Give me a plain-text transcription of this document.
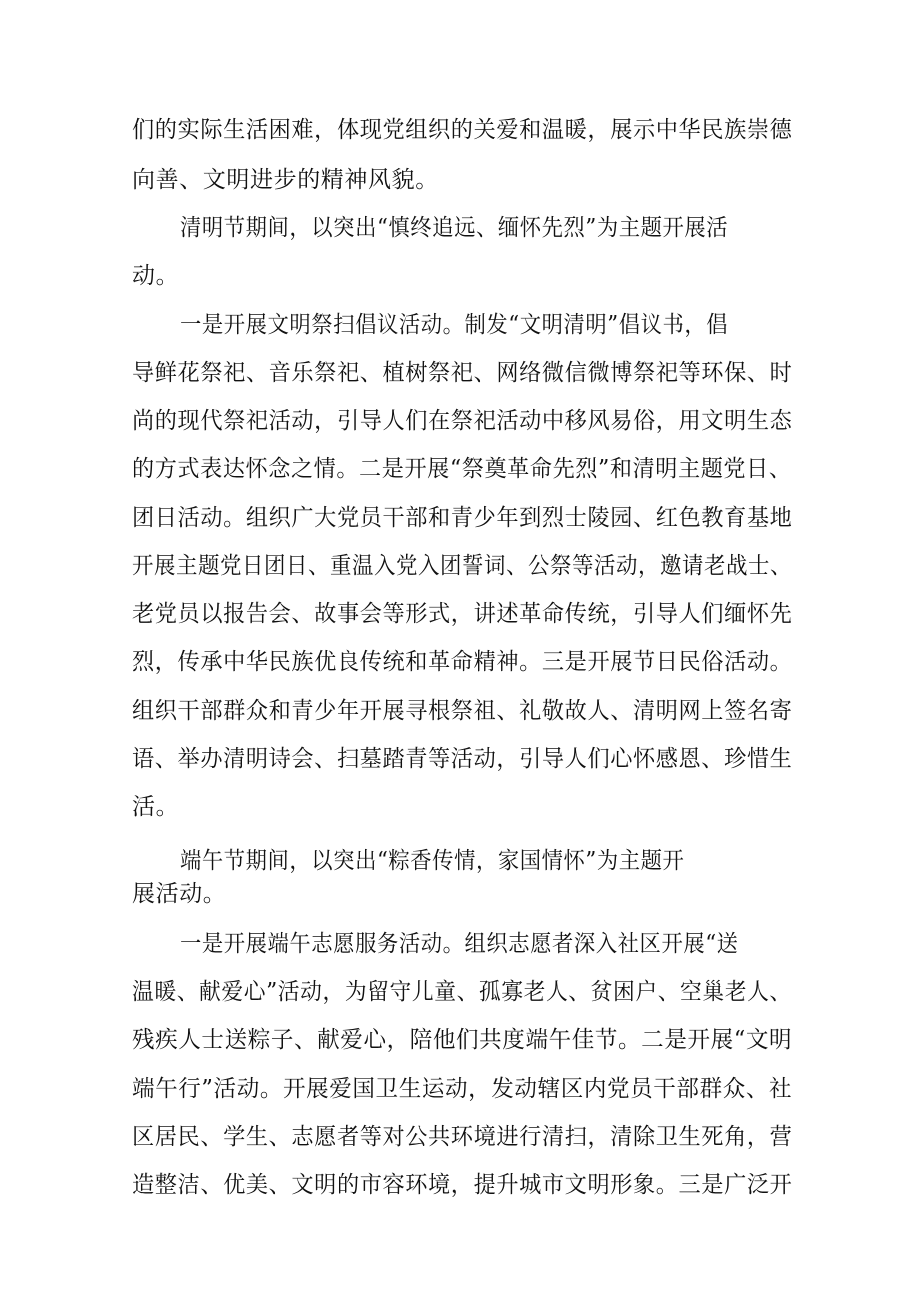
们的实际生活困难，体现党组织的关爱和温暖，展示中华民族崇德
向善、文明进步的精神风貌。
清明节期间，以突出“慎终追远、缅怀先烈”为主题开展活
动。
一是开展文明祭扫倡议活动。制发“文明清明”倡议书，倡
导鲜花祭祀、音乐祭祀、植树祭祀、网络微信微博祭祀等环保、时
尚的现代祭祀活动，引导人们在祭祀活动中移风易俗，用文明生态
的方式表达怀念之情。二是开展“祭奠革命先烈”和清明主题党日、
团日活动。组织广大党员干部和青少年到烈士陵园、红色教育基地
开展主题党日团日、重温入党入团誓词、公祭等活动，邀请老战士、
老党员以报告会、故事会等形式，讲述革命传统，引导人们缅怀先
烈，传承中华民族优良传统和革命精神。三是开展节日民俗活动。
组织干部群众和青少年开展寻根祭祖、礼敬故人、清明网上签名寄
语、举办清明诗会、扫墓踏青等活动，引导人们心怀感恩、珍惜生
活。
端午节期间，以突出“粽香传情，家国情怀”为主题开
展活动。
一是开展端午志愿服务活动。组织志愿者深入社区开展“送
温暖、献爱心”活动，为留守儿童、孤寡老人、贫困户、空巢老人、
残疾人士送粽子、献爱心，陪他们共度端午佳节。二是开展“文明
端午行”活动。开展爱国卫生运动，发动辖区内党员干部群众、社
区居民、学生、志愿者等对公共环境进行清扫，清除卫生死角，营
造整洁、优美、文明的市容环境，提升城市文明形象。三是广泛开
